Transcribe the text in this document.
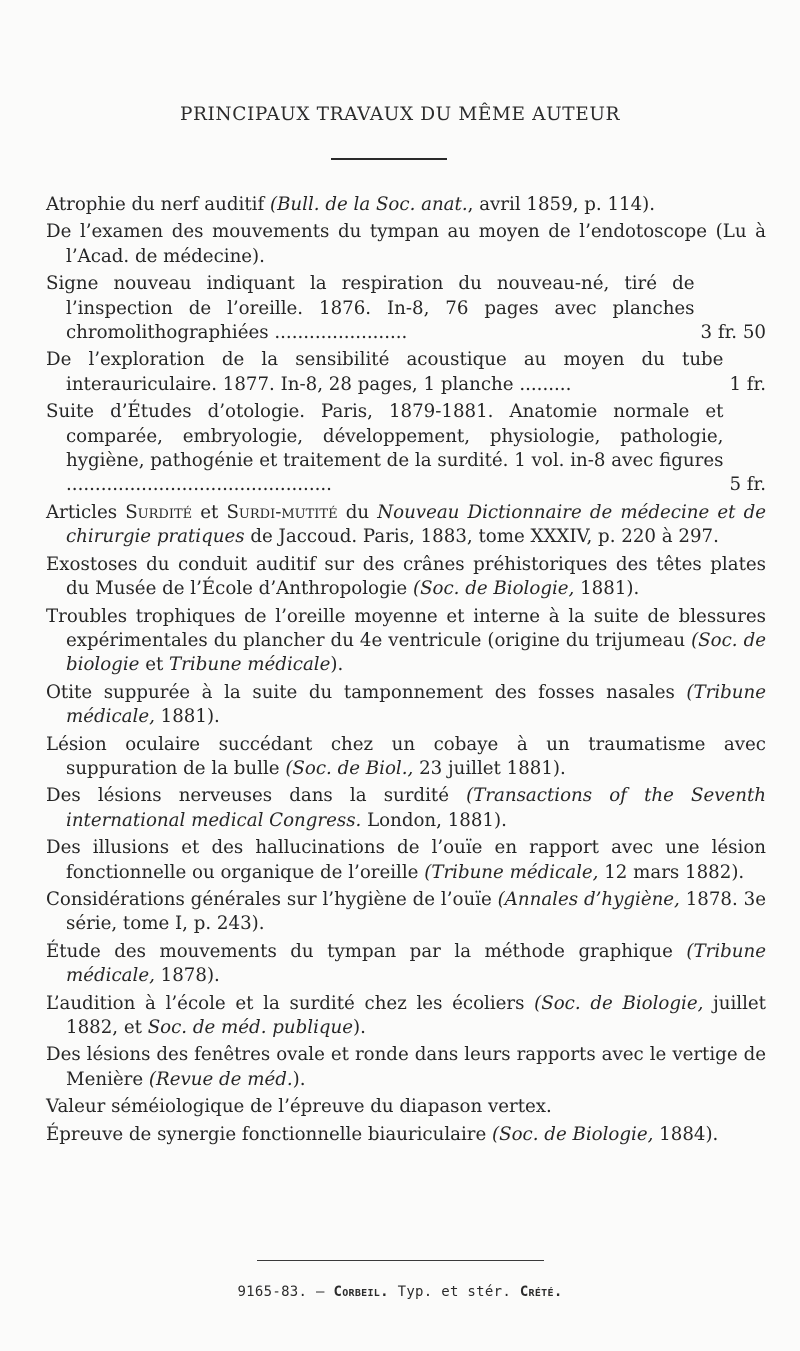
PRINCIPAUX TRAVAUX DU MÊME AUTEUR
Atrophie du nerf auditif (Bull. de la Soc. anat., avril 1859, p. 114).
De l’examen des mouvements du tympan au moyen de l’endotoscope (Lu à l’Acad. de médecine).
Signe nouveau indiquant la respiration du nouveau-né, tiré de l’inspection de l’oreille. 1876. In-8, 76 pages avec planches chromolithographiées .......................	3 fr. 50
De l’exploration de la sensibilité acoustique au moyen du tube interauriculaire. 1877. In-8, 28 pages, 1 planche .........	1 fr.
Suite d’Études d’otologie. Paris, 1879-1881. Anatomie normale et comparée, embryologie, développement, physiologie, pathologie, hygiène, pathogénie et traitement de la surdité. 1 vol. in-8 avec figures ..............................................	5 fr.
Articles Surdité et Surdi-mutité du Nouveau Dictionnaire de médecine et de chirurgie pratiques de Jaccoud. Paris, 1883, tome XXXIV, p. 220 à 297.
Exostoses du conduit auditif sur des crânes préhistoriques des têtes plates du Musée de l’École d’Anthropologie (Soc. de Biologie, 1881).
Troubles trophiques de l’oreille moyenne et interne à la suite de blessures expérimentales du plancher du 4e ventricule (origine du trijumeau (Soc. de biologie et Tribune médicale).
Otite suppurée à la suite du tamponnement des fosses nasales (Tribune médicale, 1881).
Lésion oculaire succédant chez un cobaye à un traumatisme avec suppuration de la bulle (Soc. de Biol., 23 juillet 1881).
Des lésions nerveuses dans la surdité (Transactions of the Seventh international medical Congress. London, 1881).
Des illusions et des hallucinations de l’ouïe en rapport avec une lésion fonctionnelle ou organique de l’oreille (Tribune médicale, 12 mars 1882).
Considérations générales sur l’hygiène de l’ouïe (Annales d’hygiène, 1878. 3e série, tome I, p. 243).
Étude des mouvements du tympan par la méthode graphique (Tribune médicale, 1878).
L’audition à l’école et la surdité chez les écoliers (Soc. de Biologie, juillet 1882, et Soc. de méd. publique).
Des lésions des fenêtres ovale et ronde dans leurs rapports avec le vertige de Menière (Revue de méd.).
Valeur séméiologique de l’épreuve du diapason vertex.
Épreuve de synergie fonctionnelle biauriculaire (Soc. de Biologie, 1884).
9165-83. — Corbeil. Typ. et stér. Crété.
